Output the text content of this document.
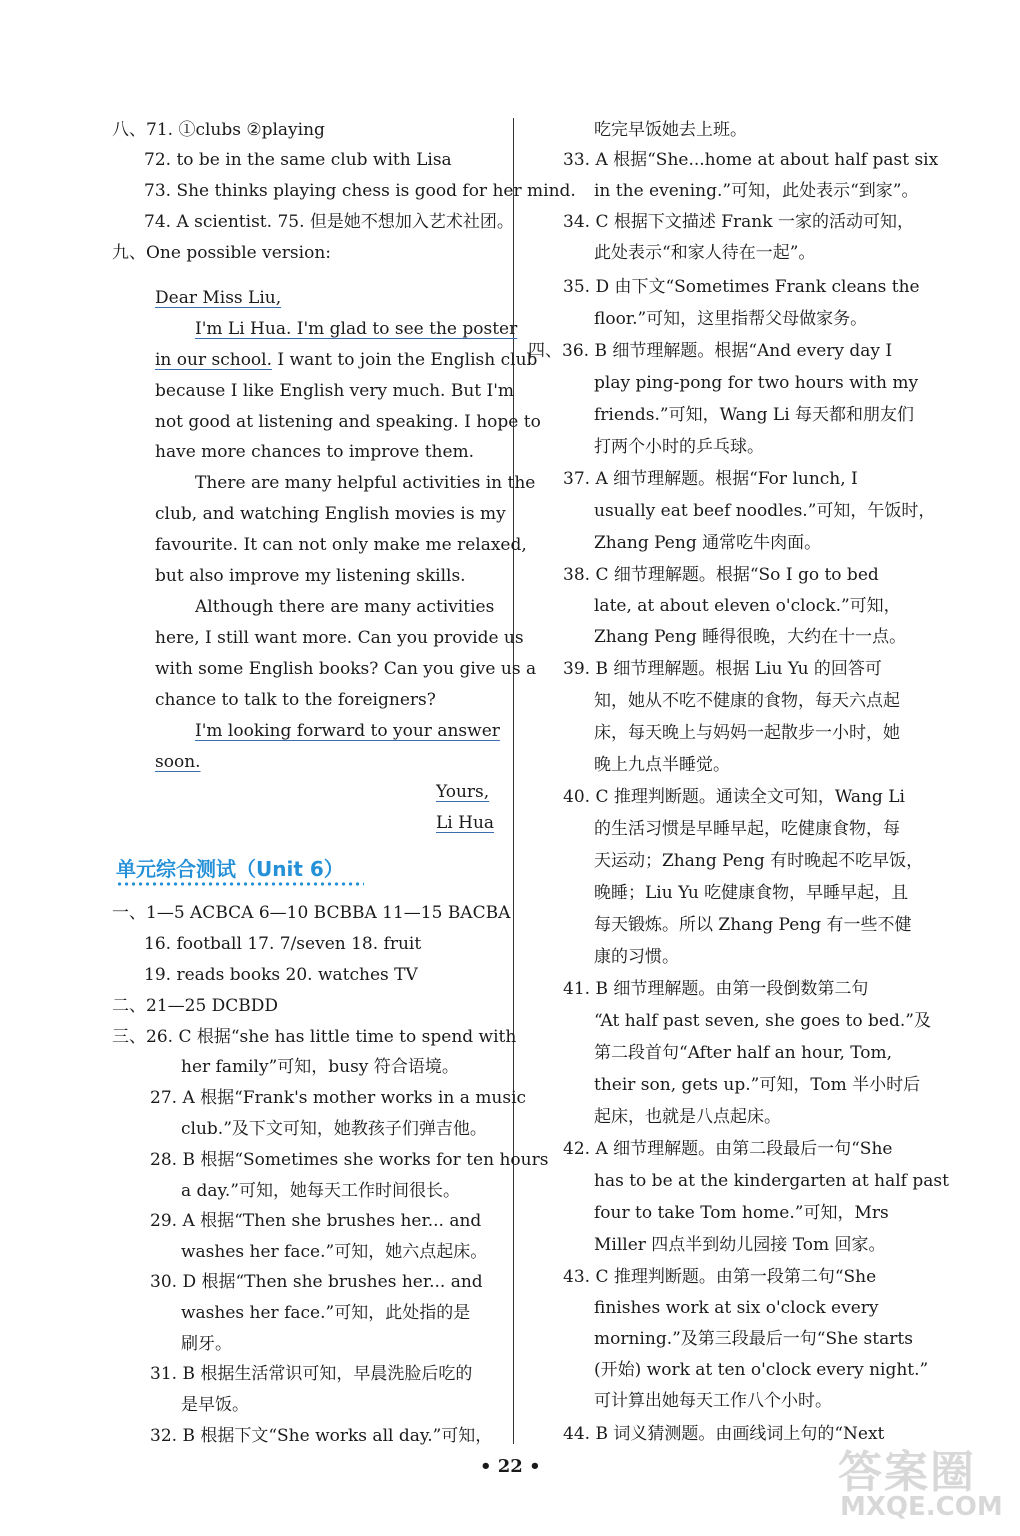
八、71. ①clubs ②playing
72. to be in the same club with Lisa
73. She thinks playing chess is good for her mind.
74. A scientist. 75. 但是她不想加入艺术社团。
九、One possible version:
Dear Miss Liu,
I'm Li Hua. I'm glad to see the poster
in our school. I want to join the English club
because I like English very much. But I'm
not good at listening and speaking. I hope to
have more chances to improve them.
There are many helpful activities in the
club, and watching English movies is my
favourite. It can not only make me relaxed,
but also improve my listening skills.
Although there are many activities
here, I still want more. Can you provide us
with some English books? Can you give us a
chance to talk to the foreigners?
I'm looking forward to your answer
soon.
Yours,
Li Hua
一、1—5 ACBCA 6—10 BCBBA 11—15 BACBA
16. football 17. 7/seven 18. fruit
19. reads books 20. watches TV
二、21—25 DCBDD
三、26. C 根据“she has little time to spend with
her family”可知，busy 符合语境。
27. A 根据“Frank's mother works in a music
club.”及下文可知，她教孩子们弹吉他。
28. B 根据“Sometimes she works for ten hours
a day.”可知，她每天工作时间很长。
29. A 根据“Then she brushes her... and
washes her face.”可知，她六点起床。
30. D 根据“Then she brushes her... and
washes her face.”可知，此处指的是
刷牙。
31. B 根据生活常识可知，早晨洗脸后吃的
是早饭。
32. B 根据下文“She works all day.”可知，
单元综合测试（Unit 6）
吃完早饭她去上班。
33. A 根据“She...home at about half past six
in the evening.”可知，此处表示“到家”。
34. C 根据下文描述 Frank 一家的活动可知，
此处表示“和家人待在一起”。
35. D 由下文“Sometimes Frank cleans the
floor.”可知，这里指帮父母做家务。
四、36. B 细节理解题。根据“And every day I
play ping-pong for two hours with my
friends.”可知，Wang Li 每天都和朋友们
打两个小时的乒乓球。
37. A 细节理解题。根据“For lunch, I
usually eat beef noodles.”可知，午饭时，
Zhang Peng 通常吃牛肉面。
38. C 细节理解题。根据“So I go to bed
late, at about eleven o'clock.”可知，
Zhang Peng 睡得很晚，大约在十一点。
39. B 细节理解题。根据 Liu Yu 的回答可
知，她从不吃不健康的食物，每天六点起
床，每天晚上与妈妈一起散步一小时，她
晚上九点半睡觉。
40. C 推理判断题。通读全文可知，Wang Li
的生活习惯是早睡早起，吃健康食物，每
天运动；Zhang Peng 有时晚起不吃早饭，
晚睡；Liu Yu 吃健康食物，早睡早起，且
每天锻炼。所以 Zhang Peng 有一些不健
康的习惯。
41. B 细节理解题。由第一段倒数第二句
“At half past seven, she goes to bed.”及
第二段首句“After half an hour, Tom,
their son, gets up.”可知，Tom 半小时后
起床，也就是八点起床。
42. A 细节理解题。由第二段最后一句“She
has to be at the kindergarten at half past
four to take Tom home.”可知，Mrs
Miller 四点半到幼儿园接 Tom 回家。
43. C 推理判断题。由第一段第二句“She
finishes work at six o'clock every
morning.”及第三段最后一句“She starts
(开始) work at ten o'clock every night.”
可计算出她每天工作八个小时。
44. B 词义猜测题。由画线词上句的“Next
• 22 •	答案圈
MXQE.COM
